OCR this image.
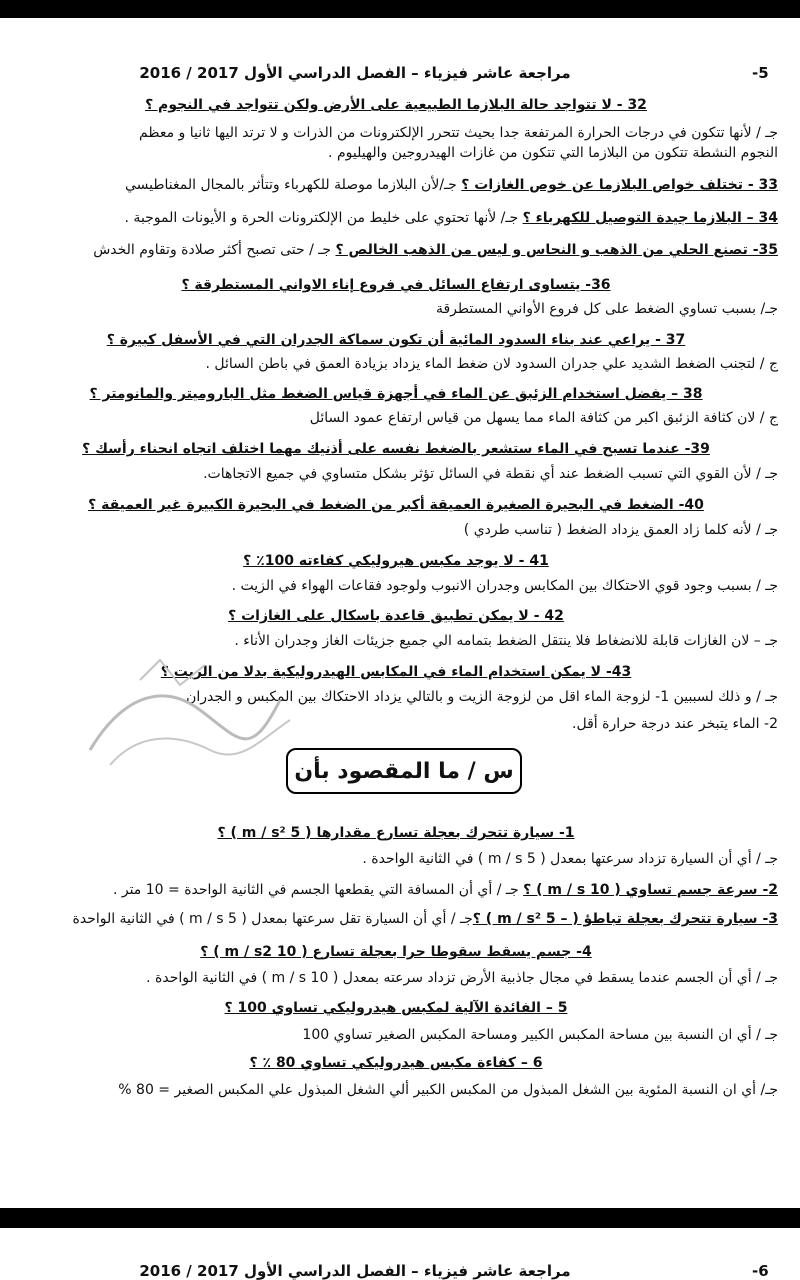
-5
مراجعة عاشر فيزياء – الفصل الدراسي الأول 2017 / 2016
32 - لا تتواجد حالة البلازما الطبيعية على الأرض ولكن تتواجد في النجوم ؟
جـ / لأنها تتكون في درجات الحرارة المرتفعة جدا بحيث تتحرر الإلكترونات من الذرات و لا ترتد اليها ثانيا و معظم
النجوم النشطة تتكون من البلازما التي تتكون من غازات الهيدروجين والهيليوم .
33 - تختلف خواص البلازما عن خوص الغازات ؟ جـ/لأن البلازما موصلة للكهرباء وتتأثر بالمجال المغناطيسي
34 – البلازما جيدة التوصيل للكهرباء ؟ جـ/ لأنها تحتوي على خليط من الإلكترونات الحرة و الأيونات الموجبة .
35- تصنع الحلي من الذهب و النحاس و ليس من الذهب الخالص ؟ جـ / حتى تصبح أكثر صلادة وتقاوم الخدش
36- يتساوى ارتفاع السائل في فروع إناء الاواني المستطرقة ؟
جـ/ بسبب تساوي الضغط على كل فروع الأواني المستطرقة
37 - يراعي عند بناء السدود المائية أن تكون سماكة الجدران التي في الأسفل كبيرة ؟
ج / لتجنب الضغط الشديد علي جدران السدود لان ضغط الماء يزداد بزيادة العمق في باطن السائل .
38 – يفضل استخدام الزئبق عن الماء في أجهزة قياس الضغط مثل الباروميتر والمانومتر ؟
ج / لان كثافة الزئبق اكبر من كثافة الماء مما يسهل من قياس ارتفاع عمود السائل
39- عندما تسبح في الماء ستشعر بالضغط نفسه على أذنيك مهما اختلف اتجاه انحناء رأسك ؟
جـ / لأن القوي التي تسبب الضغط عند أي نقطة في السائل تؤثر بشكل متساوي في جميع الاتجاهات.
40- الضغط في البحيرة الصغيرة العميقة أكبر من الضغط في البحيرة الكبيرة غير العميقة ؟
جـ / لأنه كلما زاد العمق يزداد الضغط ( تناسب طردي )
41 - لا يوجد مكبس هيروليكي كفاءته 100٪ ؟
جـ / بسبب وجود قوي الاحتكاك بين المكابس وجدران الانبوب ولوجود فقاعات الهواء في الزيت .
42 - لا يمكن تطبيق قاعدة باسكال على الغازات ؟
جـ – لان الغازات قابلة للانضغاط فلا ينتقل الضغط بتمامه الي جميع جزيئات الغاز وجدران الأناء .
43- لا يمكن استخدام الماء في المكابس الهيدروليكية بدلا من الزيت ؟
جـ / و ذلك لسببين 1- لزوجة الماء اقل من لزوجة الزيت و بالتالي يزداد الاحتكاك بين المكبس و الجدران.
2- الماء يتبخر عند درجة حرارة أقل.
س / ما المقصود بأن
1- سيارة تتحرك بعجلة تسارع مقدارها ( 5 m / s² ) ؟
جـ / أي أن السيارة تزداد سرعتها بمعدل ( 5 m / s ) في الثانية الواحدة .
2- سرعة جسم تساوي ( 10 m / s ) ؟ جـ / أي أن المسافة التي يقطعها الجسم في الثانية الواحدة = 10 متر .
3- سيارة تتحرك بعجلة تباطؤ ( – 5 m / s² ) ؟جـ / أي أن السيارة تقل سرعتها بمعدل ( 5 m / s ) في الثانية الواحدة
4- جسم يسقط سقوطا حرا بعجلة تسارع ( 10 m / s2 ) ؟
جـ / أي أن الجسم عندما يسقط في مجال جاذبية الأرض تزداد سرعته بمعدل ( 10 m / s ) في الثانية الواحدة .
5 – الفائدة الآلية لمكبس هيدروليكي تساوي 100 ؟
جـ / أي ان النسبة بين مساحة المكبس الكبير ومساحة المكبس الصغير تساوي 100
6 – كفاءة مكبس هيدروليكي تساوي 80 ٪ ؟
جـ/ أي ان النسبة المئوية بين الشغل المبذول من المكبس الكبير ألي الشغل المبذول علي المكبس الصغير = 80 %
-6
مراجعة عاشر فيزياء – الفصل الدراسي الأول 2017 / 2016
